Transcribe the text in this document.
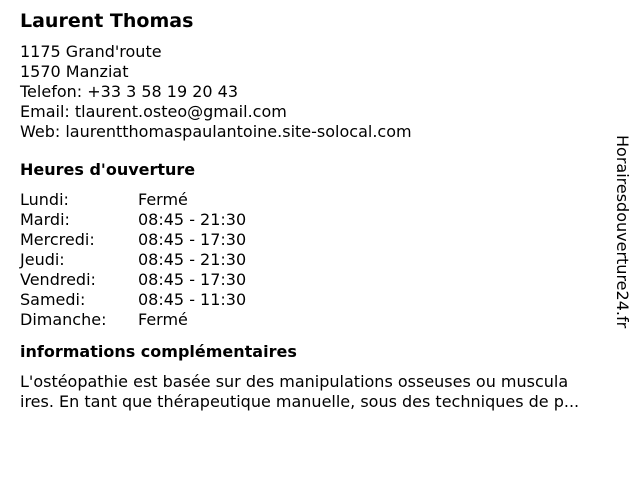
Laurent Thomas
1175 Grand'route
1570 Manziat
Telefon: +33 3 58 19 20 43
Email: tlaurent.osteo@gmail.com
Web: laurentthomaspaulantoine.site-solocal.com
Heures d'ouverture
Lundi:	Fermé
Mardi:	08:45 - 21:30
Mercredi:	08:45 - 17:30
Jeudi:	08:45 - 21:30
Vendredi:	08:45 - 17:30
Samedi:	08:45 - 11:30
Dimanche:	Fermé
informations complémentaires
L'ostéopathie est basée sur des manipulations osseuses ou muscula
ires. En tant que thérapeutique manuelle, sous des techniques de p...
Horairesdouverture24.fr
